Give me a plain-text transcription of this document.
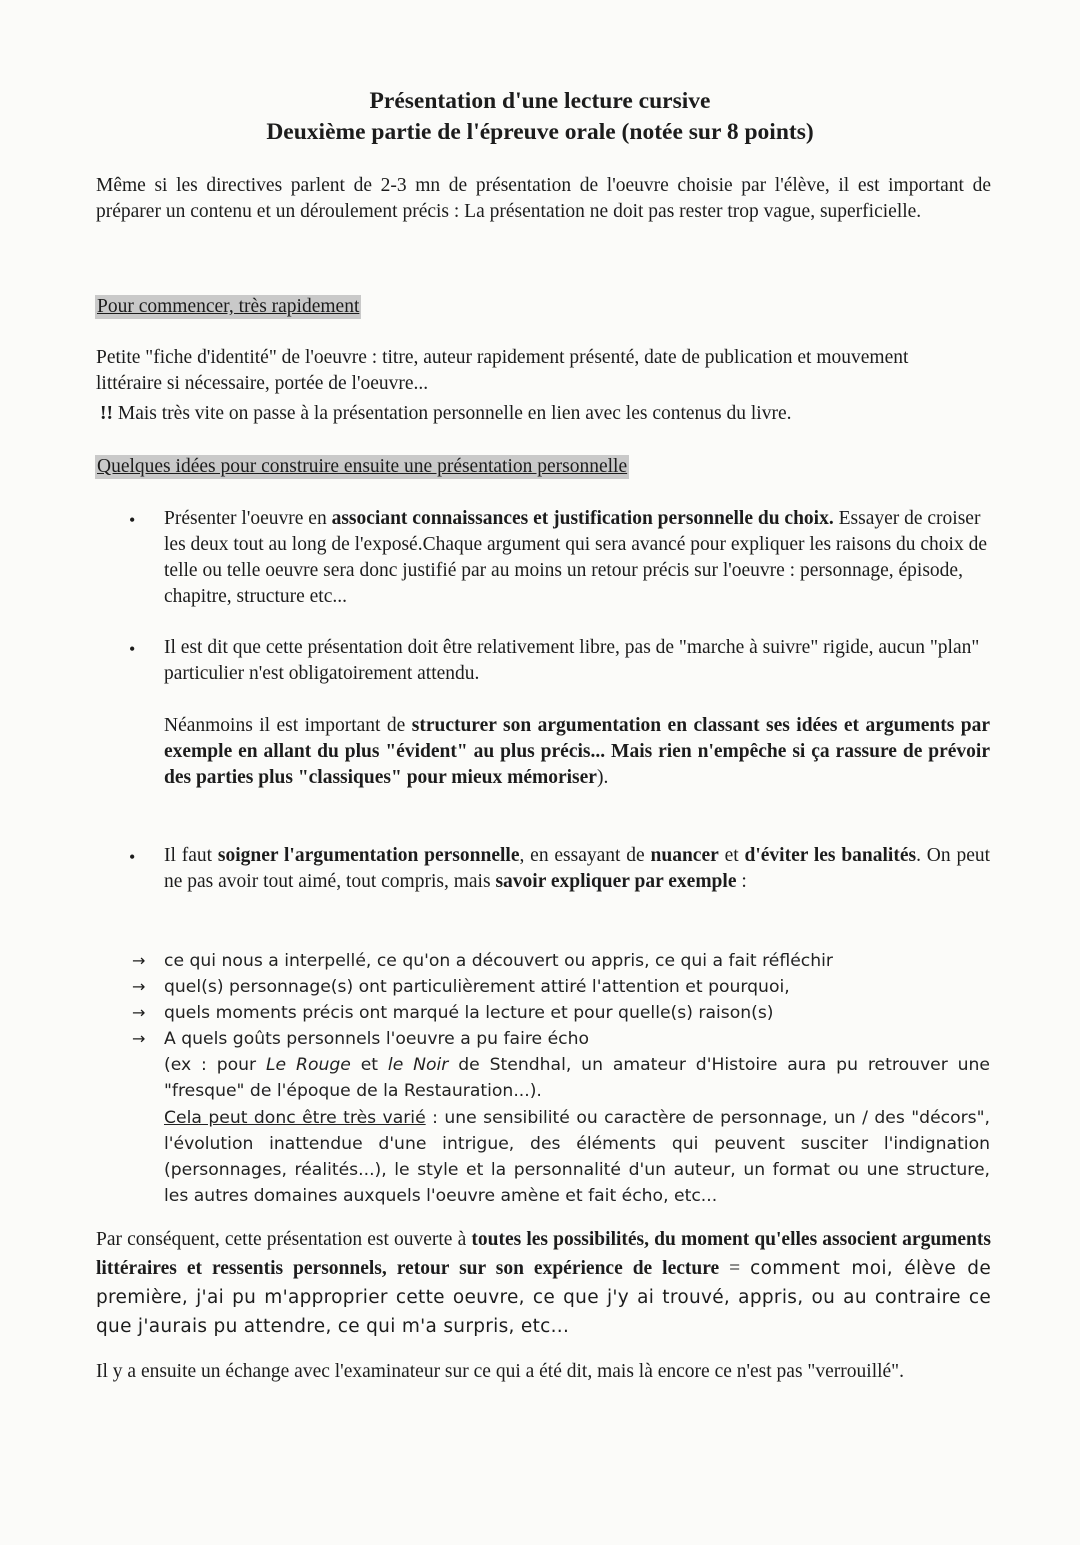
Présentation d'une lecture cursive
Deuxième partie de l'épreuve orale (notée sur 8 points)
Même si les directives parlent de 2-3 mn de présentation de l'oeuvre choisie par l'élève, il est important de préparer un contenu et un déroulement précis : La présentation ne doit pas rester trop vague, superficielle.
Pour commencer, très rapidement
Petite "fiche d'identité" de l'oeuvre : titre, auteur rapidement présenté, date de publication et mouvement littéraire si nécessaire, portée de l'oeuvre...
!! Mais très vite on passe à la présentation personnelle en lien avec les contenus du livre.
Quelques idées pour construire ensuite une présentation personnelle
• Présenter l'oeuvre en associant connaissances et justification personnelle du choix. Essayer de croiser les deux tout au long de l'exposé.Chaque argument qui sera avancé pour expliquer les raisons du choix de telle ou telle oeuvre sera donc justifié par au moins un retour précis sur l'oeuvre : personnage, épisode, chapitre, structure etc...
• Il est dit que cette présentation doit être relativement libre, pas de "marche à suivre" rigide, aucun "plan" particulier n'est obligatoirement attendu.
Néanmoins il est important de structurer son argumentation en classant ses idées et arguments par exemple en allant du plus "évident" au plus précis... Mais rien n'empêche si ça rassure de prévoir des parties plus "classiques" pour mieux mémoriser).
• Il faut soigner l'argumentation personnelle, en essayant de nuancer et d'éviter les banalités. On peut ne pas avoir tout aimé, tout compris, mais savoir expliquer par exemple :
→
→
→
→
ce qui nous a interpellé, ce qu'on a découvert ou appris, ce qui a fait réfléchir
quel(s) personnage(s) ont particulièrement attiré l'attention et pourquoi,
quels moments précis ont marqué la lecture et pour quelle(s) raison(s)
A quels goûts personnels l'oeuvre a pu faire écho
(ex : pour Le Rouge et le Noir de Stendhal, un amateur d'Histoire aura pu retrouver une "fresque" de l'époque de la Restauration...).
Cela peut donc être très varié : une sensibilité ou caractère de personnage, un / des "décors", l'évolution inattendue d'une intrigue, des éléments qui peuvent susciter l'indignation (personnages, réalités...), le style et la personnalité d'un auteur, un format ou une structure, les autres domaines auxquels l'oeuvre amène et fait écho, etc...
Par conséquent, cette présentation est ouverte à toutes les possibilités, du moment qu'elles associent arguments littéraires et ressentis personnels, retour sur son expérience de lecture = comment moi, élève de première, j'ai pu m'approprier cette oeuvre, ce que j'y ai trouvé, appris, ou au contraire ce que j'aurais pu attendre, ce qui m'a surpris, etc...
Il y a ensuite un échange avec l'examinateur sur ce qui a été dit, mais là encore ce n'est pas "verrouillé".
